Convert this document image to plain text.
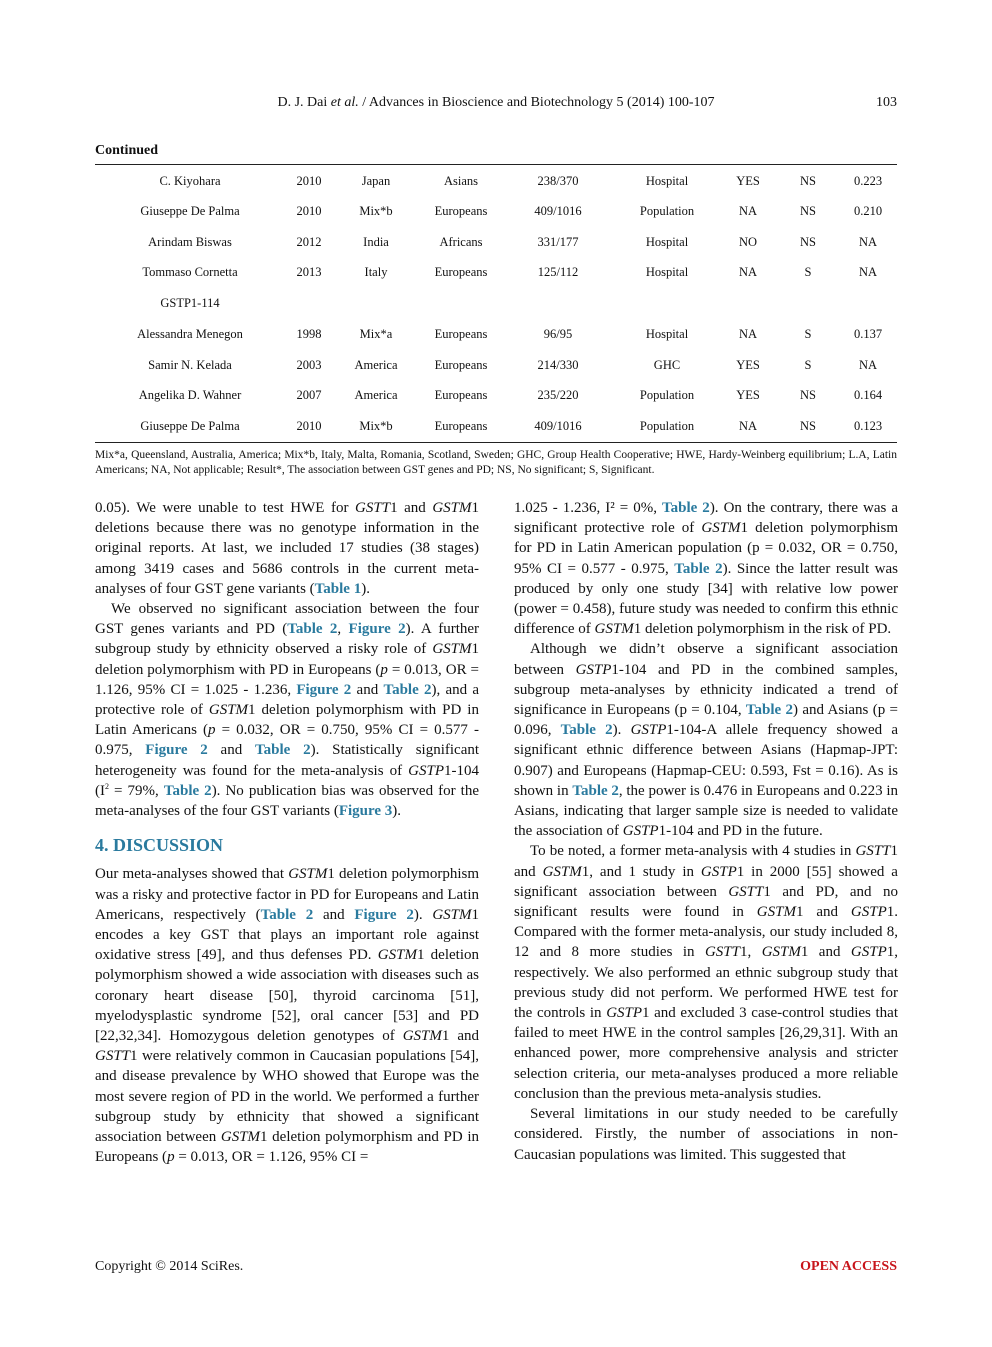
D. J. Dai et al. / Advances in Bioscience and Biotechnology 5 (2014) 100-107	103
Continued
C. Kiyohara	2010	Japan	Asians	238/370	Hospital	YES	NS	0.223
Giuseppe De Palma	2010	Mix*b	Europeans	409/1016	Population	NA	NS	0.210
Arindam Biswas	2012	India	Africans	331/177	Hospital	NO	NS	NA
Tommaso Cornetta	2013	Italy	Europeans	125/112	Hospital	NA	S	NA
GSTP1-114
Alessandra Menegon	1998	Mix*a	Europeans	96/95	Hospital	NA	S	0.137
Samir N. Kelada	2003	America	Europeans	214/330	GHC	YES	S	NA
Angelika D. Wahner	2007	America	Europeans	235/220	Population	YES	NS	0.164
Giuseppe De Palma	2010	Mix*b	Europeans	409/1016	Population	NA	NS	0.123
Mix*a, Queensland, Australia, America; Mix*b, Italy, Malta, Romania, Scotland, Sweden; GHC, Group Health Cooperative; HWE, Hardy-Weinberg equilibrium; L.A, Latin Americans; NA, Not applicable; Result*, The association between GST genes and PD; NS, No significant; S, Significant.

0.05). We were unable to test HWE for GSTT1 and GSTM1 deletions because there was no genotype information in the original reports. At last, we included 17 studies (38 stages) among 3419 cases and 5686 controls in the current meta-analyses of four GST gene variants (Table 1).

We observed no significant association between the four GST genes variants and PD (Table 2, Figure 2). A further subgroup study by ethnicity observed a risky role of GSTM1 deletion polymorphism with PD in Europeans (p = 0.013, OR = 1.126, 95% CI = 1.025 - 1.236, Figure 2 and Table 2), and a protective role of GSTM1 deletion polymorphism with PD in Latin Americans (p = 0.032, OR = 0.750, 95% CI = 0.577 - 0.975, Figure 2 and Table 2). Statistically significant heterogeneity was found for the meta-analysis of GSTP1-104 ($I^2 = 79\%$, Table 2). No publication bias was observed for the meta-analyses of the four GST variants (Figure 3).

4. DISCUSSION

Our meta-analyses showed that GSTM1 deletion polymorphism was a risky and protective factor in PD for Europeans and Latin Americans, respectively (Table 2 and Figure 2). GSTM1 encodes a key GST that plays an important role against oxidative stress [49], and thus defenses PD. GSTM1 deletion polymorphism showed a wide association with diseases such as coronary heart disease [50], thyroid carcinoma [51], myelodysplastic syndrome [52], oral cancer [53] and PD [22,32,34]. Homozygous deletion genotypes of GSTM1 and GSTT1 were relatively common in Caucasian populations [54], and disease prevalence by WHO showed that Europe was the most severe region of PD in the world. We performed a further subgroup study by ethnicity that showed a significant association between GSTM1 deletion polymorphism and PD in Europeans (p = 0.013, OR = 1.126, 95% CI =

1.025 - 1.236, I² = 0%, Table 2). On the contrary, there was a significant protective role of GSTM1 deletion polymorphism for PD in Latin American population (p = 0.032, OR = 0.750, 95% CI = 0.577 - 0.975, Table 2). Since the latter result was produced by only one study [34] with relative low power (power = 0.458), future study was needed to confirm this ethnic difference of GSTM1 deletion polymorphism in the risk of PD.

Although we didn’t observe a significant association between GSTP1-104 and PD in the combined samples, subgroup meta-analyses by ethnicity indicated a trend of significance in Europeans (p = 0.104, Table 2) and Asians (p = 0.096, Table 2). GSTP1-104-A allele frequency showed a significant ethnic difference between Asians (Hapmap-JPT: 0.907) and Europeans (Hapmap-CEU: 0.593, Fst = 0.16). As is shown in Table 2, the power is 0.476 in Europeans and 0.223 in Asians, indicating that larger sample size is needed to validate the association of GSTP1-104 and PD in the future.

To be noted, a former meta-analysis with 4 studies in GSTT1 and GSTM1, and 1 study in GSTP1 in 2000 [55] showed a significant association between GSTT1 and PD, and no significant results were found in GSTM1 and GSTP1. Compared with the former meta-analysis, our study included 8, 12 and 8 more studies in GSTT1, GSTM1 and GSTP1, respectively. We also performed an ethnic subgroup study that previous study did not perform. We performed HWE test for the controls in GSTP1 and excluded 3 case-control studies that failed to meet HWE in the control samples [26,29,31]. With an enhanced power, more comprehensive analysis and stricter selection criteria, our meta-analyses produced a more reliable conclusion than the previous meta-analysis studies.

Several limitations in our study needed to be carefully considered. Firstly, the number of associations in non-Caucasian populations was limited. This suggested that

Copyright © 2014 SciRes.	OPEN ACCESS
